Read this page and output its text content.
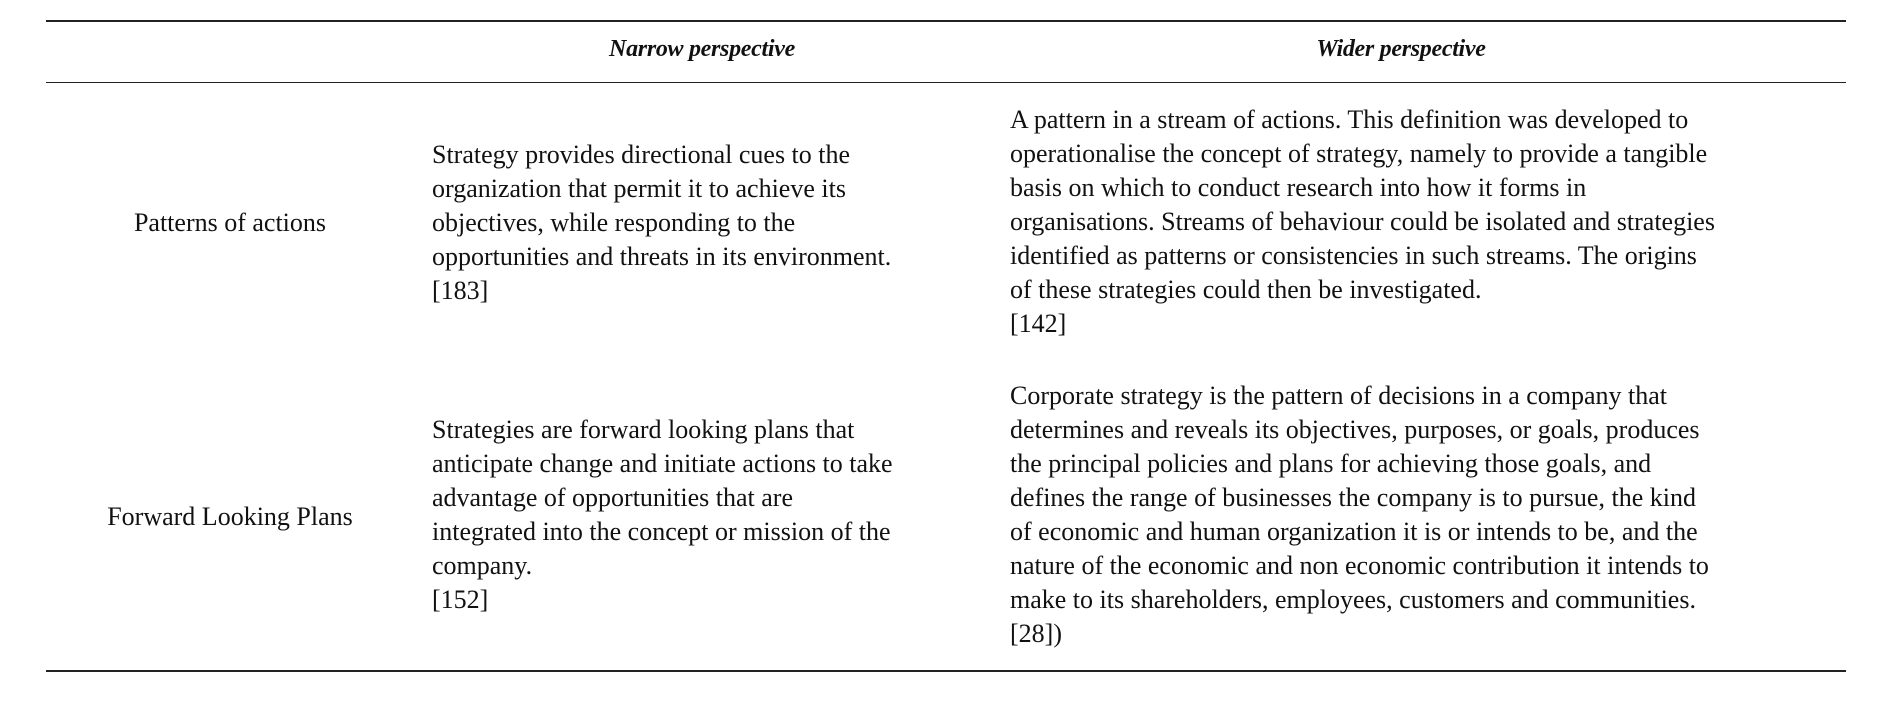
Narrow perspective	Wider perspective
Patterns of actions
Strategy provides directional cues to the
organization that permit it to achieve its
objectives, while responding to the
opportunities and threats in its environment.
[183]
A pattern in a stream of actions. This definition was developed to
operationalise the concept of strategy, namely to provide a tangible
basis on which to conduct research into how it forms in
organisations. Streams of behaviour could be isolated and strategies
identified as patterns or consistencies in such streams. The origins
of these strategies could then be investigated.
[142]
Forward Looking Plans
Strategies are forward looking plans that
anticipate change and initiate actions to take
advantage of opportunities that are
integrated into the concept or mission of the
company.
[152]
Corporate strategy is the pattern of decisions in a company that
determines and reveals its objectives, purposes, or goals, produces
the principal policies and plans for achieving those goals, and
defines the range of businesses the company is to pursue, the kind
of economic and human organization it is or intends to be, and the
nature of the economic and non economic contribution it intends to
make to its shareholders, employees, customers and communities.
[28])
